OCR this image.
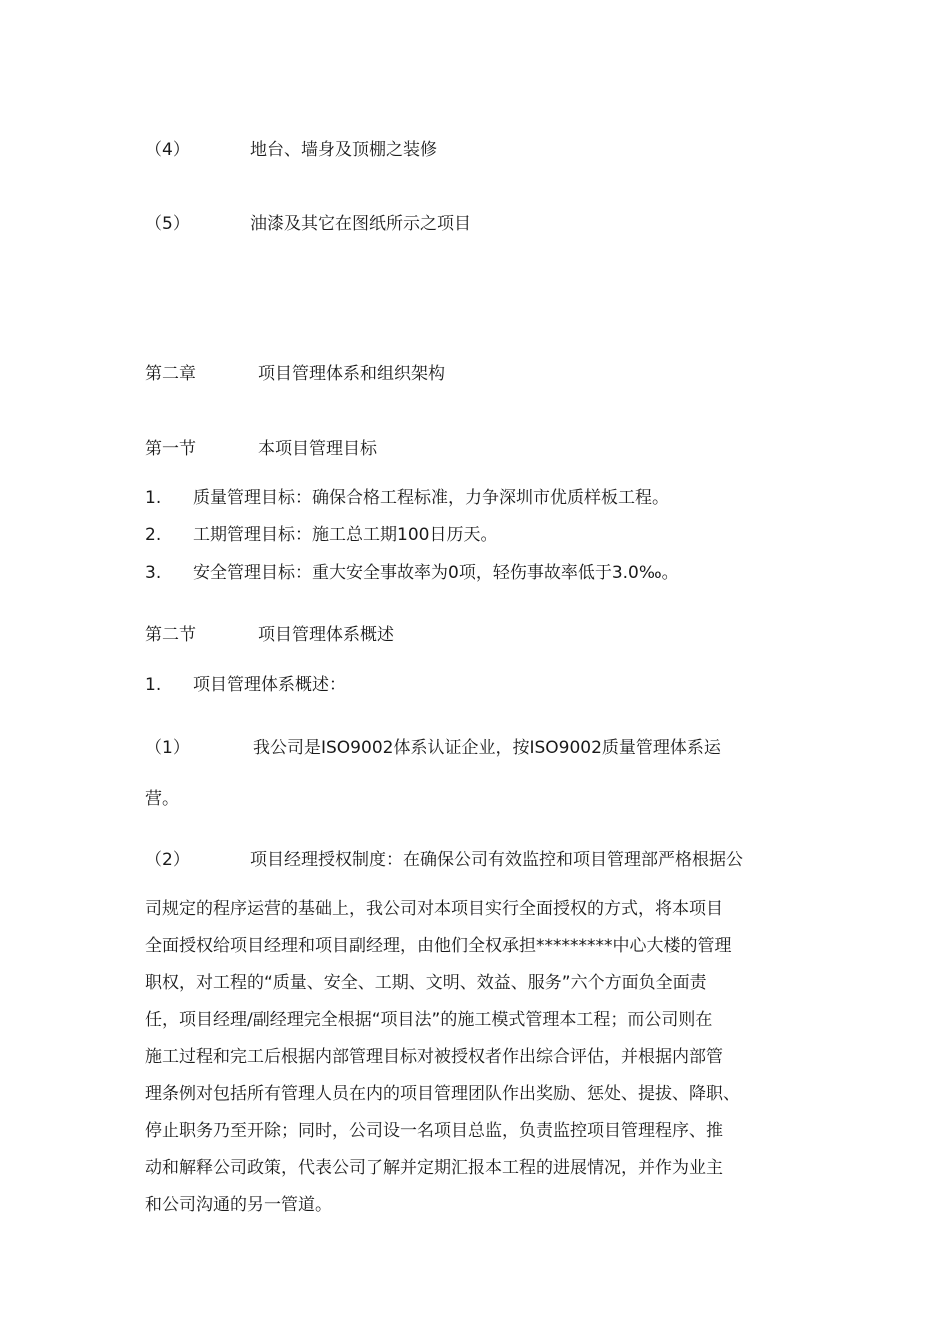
（4）	地台、墙身及顶棚之装修
（5）	油漆及其它在图纸所示之项目
第二章	项目管理体系和组织架构
第一节	本项目管理目标
1. 质量管理目标：确保合格工程标准，力争深圳市优质样板工程。
2. 工期管理目标：施工总工期100日历天。
3. 安全管理目标：重大安全事故率为0项，轻伤事故率低于3.0‰。
第二节	项目管理体系概述
1. 项目管理体系概述：
（1）	我公司是ISO9002体系认证企业，按ISO9002质量管理体系运
营。
（2）	项目经理授权制度：在确保公司有效监控和项目管理部严格根据公
司规定的程序运营的基础上，我公司对本项目实行全面授权的方式，将本项目
全面授权给项目经理和项目副经理，由他们全权承担*********中心大楼的管理
职权，对工程的“质量、安全、工期、文明、效益、服务”六个方面负全面责
任，项目经理/副经理完全根据“项目法”的施工模式管理本工程；而公司则在
施工过程和完工后根据内部管理目标对被授权者作出综合评估，并根据内部管
理条例对包括所有管理人员在内的项目管理团队作出奖励、惩处、提拔、降职、
停止职务乃至开除；同时，公司设一名项目总监，负责监控项目管理程序、推
动和解释公司政策，代表公司了解并定期汇报本工程的进展情况，并作为业主
和公司沟通的另一管道。
